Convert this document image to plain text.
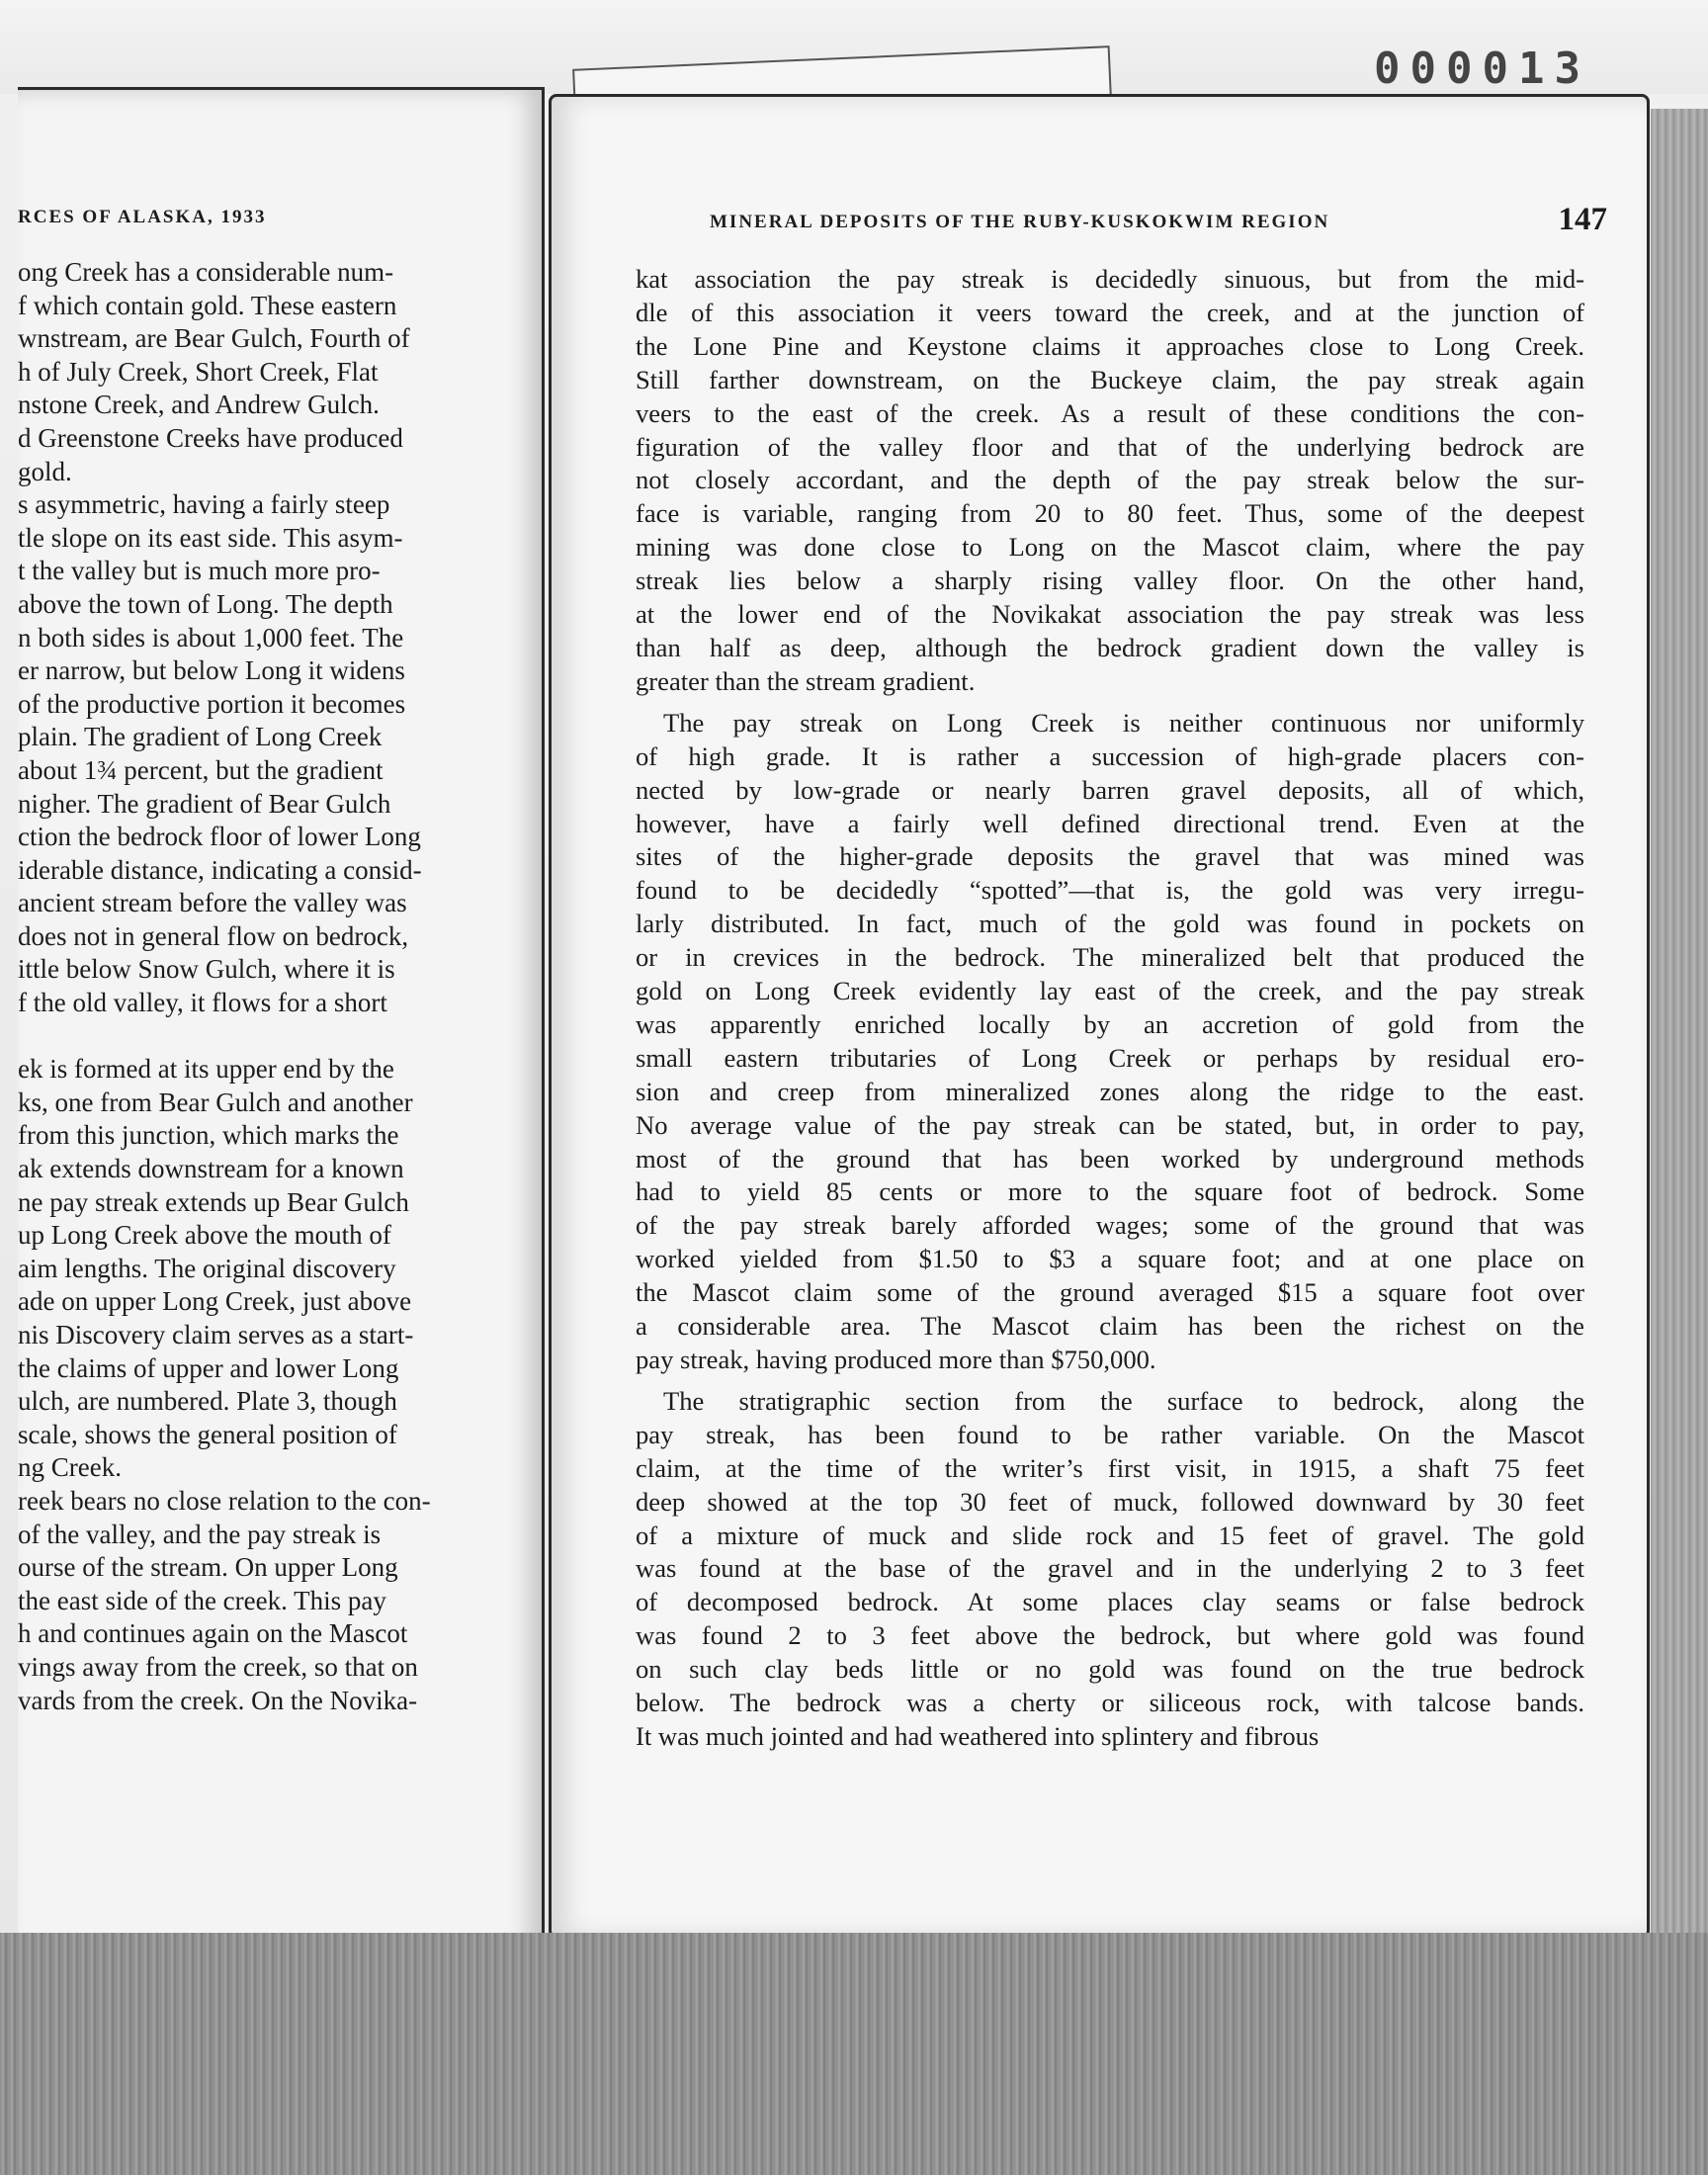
000013
RCES OF ALASKA, 1933
ong Creek has a considerable num-
f which contain gold. These eastern
wnstream, are Bear Gulch, Fourth of
h of July Creek, Short Creek, Flat
nstone Creek, and Andrew Gulch.
d Greenstone Creeks have produced
gold.
s asymmetric, having a fairly steep
tle slope on its east side. This asym-
t the valley but is much more pro-
above the town of Long. The depth
n both sides is about 1,000 feet. The
er narrow, but below Long it widens
of the productive portion it becomes
plain. The gradient of Long Creek
about 1¾ percent, but the gradient
nigher. The gradient of Bear Gulch
ction the bedrock floor of lower Long
iderable distance, indicating a consid-
ancient stream before the valley was
does not in general flow on bedrock,
ittle below Snow Gulch, where it is
f the old valley, it flows for a short

ek is formed at its upper end by the
ks, one from Bear Gulch and another
from this junction, which marks the
ak extends downstream for a known
ne pay streak extends up Bear Gulch
up Long Creek above the mouth of
aim lengths. The original discovery
ade on upper Long Creek, just above
nis Discovery claim serves as a start-
the claims of upper and lower Long
ulch, are numbered. Plate 3, though
scale, shows the general position of
ng Creek.
reek bears no close relation to the con-
of the valley, and the pay streak is
ourse of the stream. On upper Long
the east side of the creek. This pay
h and continues again on the Mascot
vings away from the creek, so that on
vards from the creek. On the Novika-
MINERAL DEPOSITS OF THE RUBY-KUSKOKWIM REGION	147
kat association the pay streak is decidedly sinuous, but from the mid-
dle of this association it veers toward the creek, and at the junction of
the Lone Pine and Keystone claims it approaches close to Long Creek.
Still farther downstream, on the Buckeye claim, the pay streak again
veers to the east of the creek. As a result of these conditions the con-
figuration of the valley floor and that of the underlying bedrock are
not closely accordant, and the depth of the pay streak below the sur-
face is variable, ranging from 20 to 80 feet. Thus, some of the deepest
mining was done close to Long on the Mascot claim, where the pay
streak lies below a sharply rising valley floor. On the other hand,
at the lower end of the Novikakat association the pay streak was less
than half as deep, although the bedrock gradient down the valley is
greater than the stream gradient.
The pay streak on Long Creek is neither continuous nor uniformly
of high grade. It is rather a succession of high-grade placers con-
nected by low-grade or nearly barren gravel deposits, all of which,
however, have a fairly well defined directional trend. Even at the
sites of the higher-grade deposits the gravel that was mined was
found to be decidedly “spotted”—that is, the gold was very irregu-
larly distributed. In fact, much of the gold was found in pockets on
or in crevices in the bedrock. The mineralized belt that produced the
gold on Long Creek evidently lay east of the creek, and the pay streak
was apparently enriched locally by an accretion of gold from the
small eastern tributaries of Long Creek or perhaps by residual ero-
sion and creep from mineralized zones along the ridge to the east.
No average value of the pay streak can be stated, but, in order to pay,
most of the ground that has been worked by underground methods
had to yield 85 cents or more to the square foot of bedrock. Some
of the pay streak barely afforded wages; some of the ground that was
worked yielded from $1.50 to $3 a square foot; and at one place on
the Mascot claim some of the ground averaged $15 a square foot over
a considerable area. The Mascot claim has been the richest on the
pay streak, having produced more than $750,000.
The stratigraphic section from the surface to bedrock, along the
pay streak, has been found to be rather variable. On the Mascot
claim, at the time of the writer’s first visit, in 1915, a shaft 75 feet
deep showed at the top 30 feet of muck, followed downward by 30 feet
of a mixture of muck and slide rock and 15 feet of gravel. The gold
was found at the base of the gravel and in the underlying 2 to 3 feet
of decomposed bedrock. At some places clay seams or false bedrock
was found 2 to 3 feet above the bedrock, but where gold was found
on such clay beds little or no gold was found on the true bedrock
below. The bedrock was a cherty or siliceous rock, with talcose bands.
It was much jointed and had weathered into splintery and fibrous
